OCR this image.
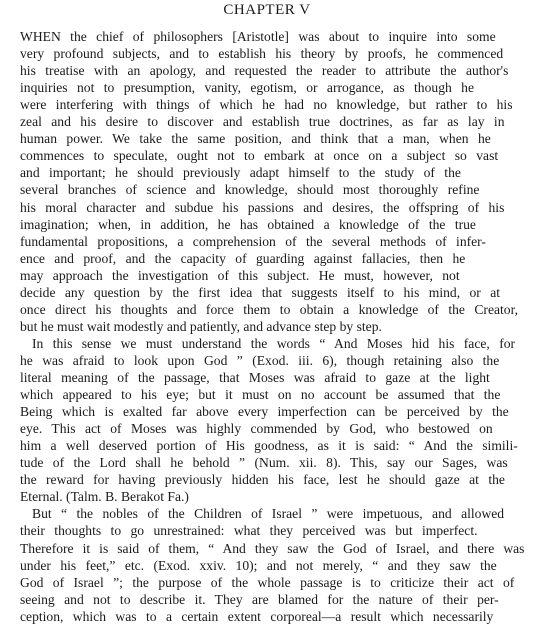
CHAPTER V
WHEN the chief of philosophers [Aristotle] was about to inquire into some
very profound subjects, and to establish his theory by proofs, he commenced
his treatise with an apology, and requested the reader to attribute the author's
inquiries not to presumption, vanity, egotism, or arrogance, as though he
were interfering with things of which he had no knowledge, but rather to his
zeal and his desire to discover and establish true doctrines, as far as lay in
human power. We take the same position, and think that a man, when he
commences to speculate, ought not to embark at once on a subject so vast
and important; he should previously adapt himself to the study of the
several branches of science and knowledge, should most thoroughly refine
his moral character and subdue his passions and desires, the offspring of his
imagination; when, in addition, he has obtained a knowledge of the true
fundamental propositions, a comprehension of the several methods of infer-
ence and proof, and the capacity of guarding against fallacies, then he
may approach the investigation of this subject. He must, however, not
decide any question by the first idea that suggests itself to his mind, or at
once direct his thoughts and force them to obtain a knowledge of the Creator,
but he must wait modestly and patiently, and advance step by step.
In this sense we must understand the words “ And Moses hid his face, for
he was afraid to look upon God ” (Exod. iii. 6), though retaining also the
literal meaning of the passage, that Moses was afraid to gaze at the light
which appeared to his eye; but it must on no account be assumed that the
Being which is exalted far above every imperfection can be perceived by the
eye. This act of Moses was highly commended by God, who bestowed on
him a well deserved portion of His goodness, as it is said: “ And the simili-
tude of the Lord shall he behold ” (Num. xii. 8). This, say our Sages, was
the reward for having previously hidden his face, lest he should gaze at the
Eternal. (Talm. B. Berakot Fa.)
But “ the nobles of the Children of Israel ” were impetuous, and allowed
their thoughts to go unrestrained: what they perceived was but imperfect.
Therefore it is said of them, “ And they saw the God of Israel, and there was
under his feet,” etc. (Exod. xxiv. 10); and not merely, “ and they saw the
God of Israel ”; the purpose of the whole passage is to criticize their act of
seeing and not to describe it. They are blamed for the nature of their per-
ception, which was to a certain extent corporeal—a result which necessarily
